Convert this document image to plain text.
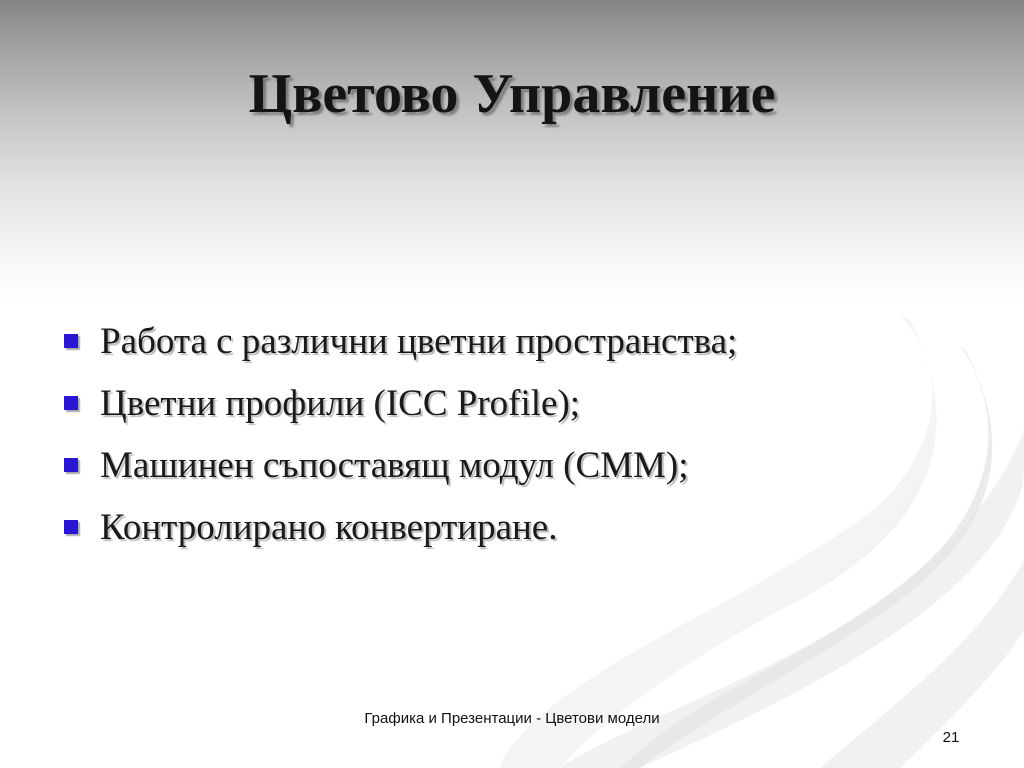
Цветово Управление
Работа с различни цветни пространства;
Цветни профили (ICC Profile);
Машинен съпоставящ модул (CMM);
Контролирано конвертиране.
Графика и Презентации - Цветови модели
21
